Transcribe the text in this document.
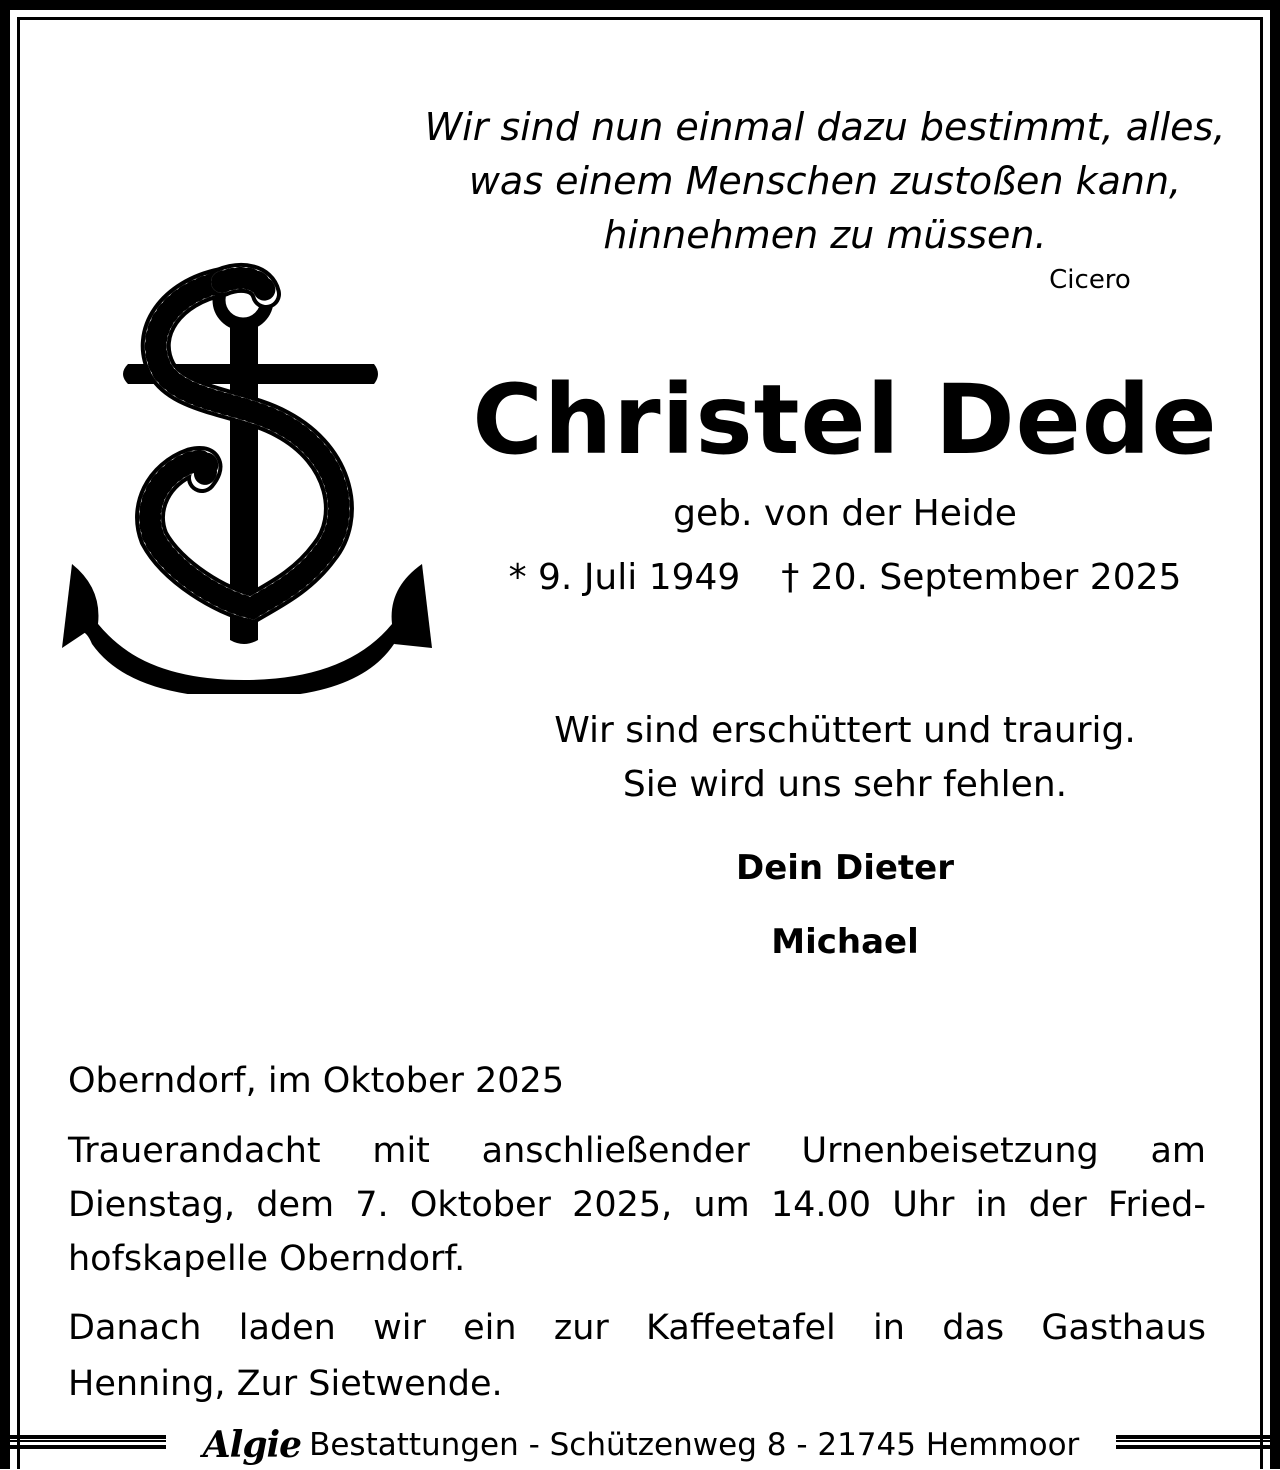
Wir sind nun einmal dazu bestimmt, alles,
was einem Menschen zustoßen kann,
hinnehmen zu müssen.
Cicero
Christel Dede
geb. von der Heide
* 9. Juli 1949 † 20. September 2025
Wir sind erschüttert und traurig.
Sie wird uns sehr fehlen.
Dein Dieter
Michael
Oberndorf, im Oktober 2025
Trauerandacht mit anschließender Urnenbeisetzung am
Dienstag, dem 7. Oktober 2025, um 14.00 Uhr in der Fried-
hofskapelle Oberndorf.
Danach laden wir ein zur Kaffeetafel in das Gasthaus
Henning, Zur Sietwende.
Algie Bestattungen - Schützenweg 8 - 21745 Hemmoor
